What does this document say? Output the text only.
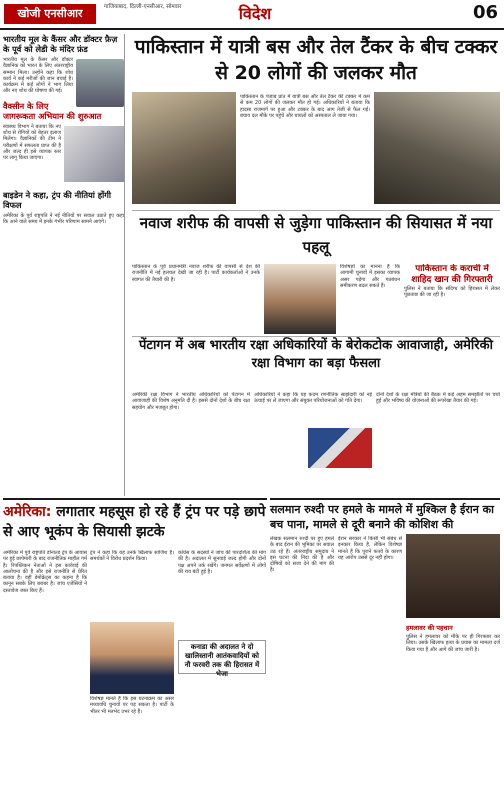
खोजी एनसीआर	गाजियाबाद, दिल्ली-एनसीआर, सोमवार	विदेश	06
भारतीय मूल के कैंसर और डॉक्टर फ़ैज़ के पूर्व को लेडी के मंदिर फ़ंड
भारतीय मूल के कैंसर और डॉक्टर वैज्ञानिक को भारत के लिए अंतरराष्ट्रीय सम्मान मिला। उन्होंने कहा कि शोध कार्य ने कई मरीजों की जान बचाई है। कार्यक्रम में कई लोगों ने भाग लिया और नए शोध की घोषणा की गई।
वैक्सीन के लिए जागरूकता अभियान की शुरुआत
स्वास्थ्य विभाग ने बताया कि नए शोध से रोगियों को बेहतर इलाज मिलेगा। वैज्ञानिकों की टीम ने परीक्षणों में सफलता प्राप्त की है और जल्द ही इसे व्यापक स्तर पर लागू किया जाएगा।
बाइडेन ने कहा, ट्रंप की नीतियां होंगी विफल
अमेरिका के पूर्व राष्ट्रपति ने नई नीतियों पर सवाल उठाते हुए कहा कि आने वाले समय में इनके गंभीर परिणाम सामने आएंगे।
पाकिस्तान में यात्री बस और तेल टैंकर के बीच टक्कर से 20 लोगों की जलकर मौत
पाकिस्तान के पंजाब प्रांत में यात्री बस और तेल टैंकर की टक्कर में कम से कम 20 लोगों की जलकर मौत हो गई। अधिकारियों ने बताया कि हादसा राजमार्ग पर हुआ और टक्कर के बाद आग तेजी से फैल गई। बचाव दल मौके पर पहुंचे और घायलों को अस्पताल ले जाया गया।
नवाज शरीफ की वापसी से जुड़ेगा पाकिस्तान की सियासत में नया पहलू
पाकिस्तान के पूर्व प्रधानमंत्री नवाज शरीफ की वापसी से देश की राजनीति में नई हलचल देखी जा रही है। पार्टी कार्यकर्ताओं ने उनके स्वागत की तैयारी की है।
विशेषज्ञों का मानना है कि आगामी चुनावों में इसका व्यापक असर पड़ेगा और गठबंधन समीकरण बदल सकते हैं।
पाकिस्तान के कराची में शाहिद खान की गिरफ्तारी
पुलिस ने बताया कि संदिग्ध को हिरासत में लेकर पूछताछ की जा रही है।
पेंटागन में अब भारतीय रक्षा अधिकारियों के बेरोकटोक आवाजाही, अमेरिकी रक्षा विभाग का बड़ा फैसला
अमेरिकी रक्षा विभाग ने भारतीय अधिकारियों को पेंटागन में आवाजाही की विशेष अनुमति दी है। इससे दोनों देशों के बीच रक्षा सहयोग और मजबूत होगा।
अधिकारियों ने कहा कि यह कदम रणनीतिक साझेदारी को नई ऊंचाई पर ले जाएगा और संयुक्त परियोजनाओं को गति देगा।
दोनों देशों के रक्षा मंत्रियों की बैठक में कई अहम समझौतों पर चर्चा हुई और भविष्य की योजनाओं की रूपरेखा तैयार की गई।
अमेरिका: लगातार महसूस हो रहे हैं ट्रंप पर पड़े छापे से आए भूकंप के सियासी झटके
अमेरिका में पूर्व राष्ट्रपति डोनाल्ड ट्रंप के आवास पर हुई छापेमारी के बाद राजनीतिक माहौल गर्म है। रिपब्लिकन नेताओं ने इस कार्रवाई की आलोचना की है और इसे राजनीति से प्रेरित बताया है। वहीं डेमोक्रेट्स का कहना है कि कानून सबके लिए बराबर है। जांच एजेंसियों ने दस्तावेज जब्त किए हैं।
ट्रंप ने कहा कि यह उनके खिलाफ साजिश है। समर्थकों ने विरोध प्रदर्शन किया।
विशेषज्ञ मानते हैं कि इस घटनाक्रम का असर मध्यावधि चुनावों पर पड़ सकता है। पार्टी के भीतर भी मतभेद उभर रहे हैं।
कांग्रेस के सदस्यों ने जांच की पारदर्शिता की मांग की है। अदालत में सुनवाई जल्द होगी और दोनों पक्ष अपने तर्क रखेंगे। जनमत सर्वेक्षणों में लोगों की राय बंटी हुई है।
कनाडा की अदालत ने दो खालिस्तानी आतंकवादियों को नौ फरवरी तक की हिरासत में भेजा
सलमान रुश्दी पर हमले के मामले में मुश्किल है ईरान का बच पाना, मामले से दूरी बनाने की कोशिश की
लेखक सलमान रुश्दी पर हुए हमले के बाद ईरान की भूमिका पर सवाल उठ रहे हैं। अंतरराष्ट्रीय समुदाय ने इस घटना की निंदा की है और दोषियों को सजा देने की मांग की है।
ईरान सरकार ने किसी भी संबंध से इनकार किया है, लेकिन विशेषज्ञ मानते हैं कि पुराने फतवे के कारण यह आरोप उससे दूर नहीं होगा।
हमलावर की पहचान
पुलिस ने हमलावर को मौके पर ही गिरफ्तार कर लिया। उसके खिलाफ हत्या के प्रयास का मामला दर्ज किया गया है और आगे की जांच जारी है।
